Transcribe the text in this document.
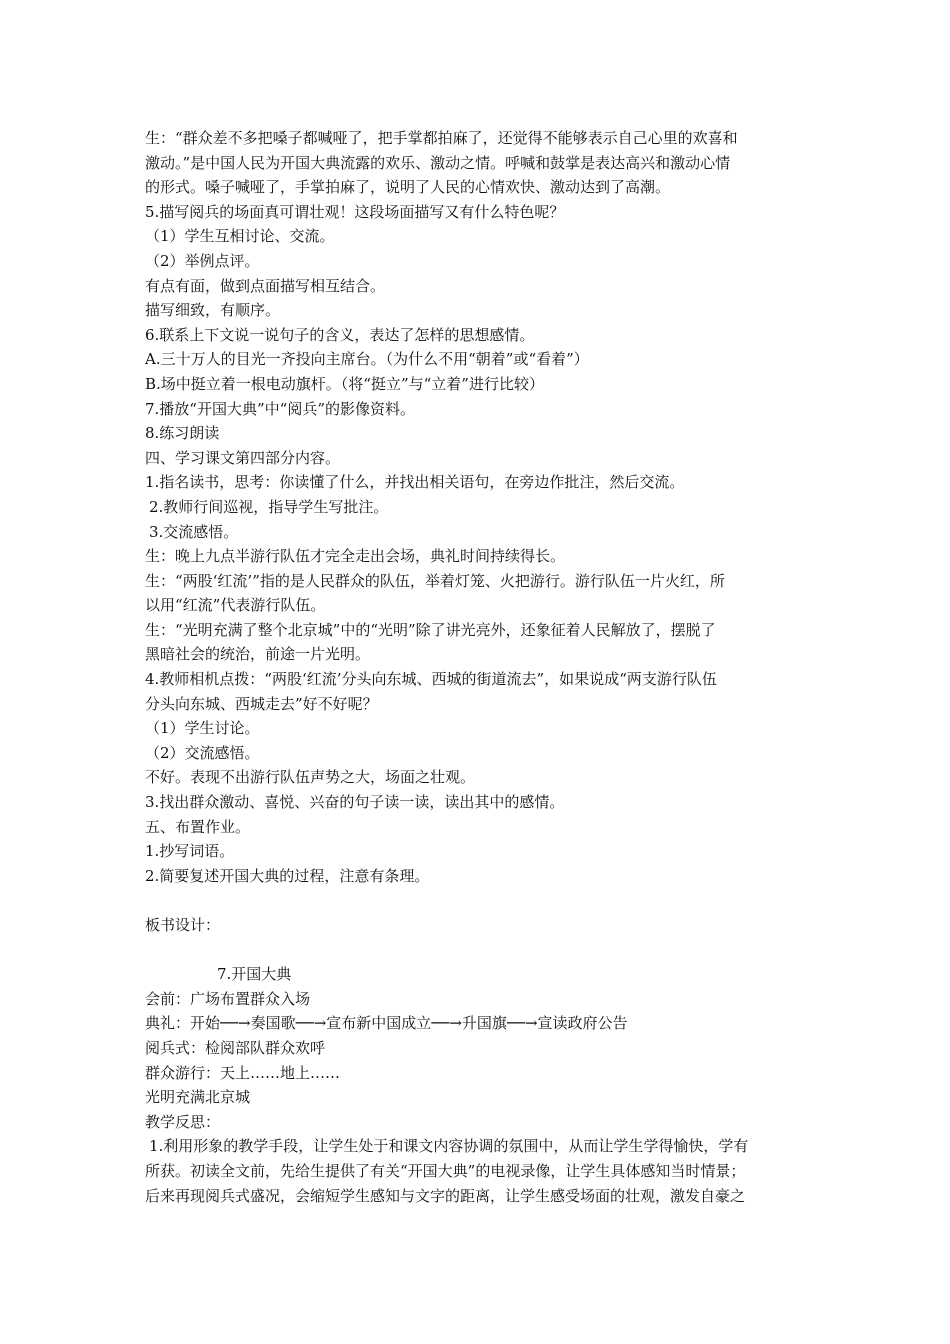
生：“群众差不多把嗓子都喊哑了，把手掌都拍麻了，还觉得不能够表示自己心里的欢喜和
激动。”是中国人民为开国大典流露的欢乐、激动之情。呼喊和鼓掌是表达高兴和激动心情
的形式。嗓子喊哑了，手掌拍麻了，说明了人民的心情欢快、激动达到了高潮。
5.描写阅兵的场面真可谓壮观！这段场面描写又有什么特色呢？
（1）学生互相讨论、交流。
（2）举例点评。
有点有面，做到点面描写相互结合。
描写细致，有顺序。
6.联系上下文说一说句子的含义，表达了怎样的思想感情。
A.三十万人的目光一齐投向主席台。（为什么不用“朝着”或“看着”）
B.场中挺立着一根电动旗杆。（将“挺立”与“立着”进行比较）
7.播放“开国大典”中“阅兵”的影像资料。
8.练习朗读
四、学习课文第四部分内容。
1.指名读书，思考：你读懂了什么，并找出相关语句，在旁边作批注，然后交流。
2.教师行间巡视，指导学生写批注。
3.交流感悟。
生：晚上九点半游行队伍才完全走出会场，典礼时间持续得长。
生：“两股‘红流’”指的是人民群众的队伍，举着灯笼、火把游行。游行队伍一片火红，所
以用“红流”代表游行队伍。
生：“光明充满了整个北京城”中的“光明”除了讲光亮外，还象征着人民解放了，摆脱了
黑暗社会的统治，前途一片光明。
4.教师相机点拨：“两股‘红流’分头向东城、西城的街道流去”，如果说成“两支游行队伍
分头向东城、西城走去”好不好呢？
（1）学生讨论。
（2）交流感悟。
不好。表现不出游行队伍声势之大，场面之壮观。
3.找出群众激动、喜悦、兴奋的句子读一读，读出其中的感情。
五、布置作业。
1.抄写词语。
2.简要复述开国大典的过程，注意有条理。
板书设计：
7.开国大典
会前：广场布置群众入场
典礼：开始──→奏国歌──→宣布新中国成立──→升国旗──→宣读政府公告
阅兵式：检阅部队群众欢呼
群众游行：天上……地上……
光明充满北京城
教学反思：
1.利用形象的教学手段，让学生处于和课文内容协调的氛围中，从而让学生学得愉快，学有
所获。初读全文前，先给生提供了有关“开国大典”的电视录像，让学生具体感知当时情景；
后来再现阅兵式盛况，会缩短学生感知与文字的距离，让学生感受场面的壮观，激发自豪之
